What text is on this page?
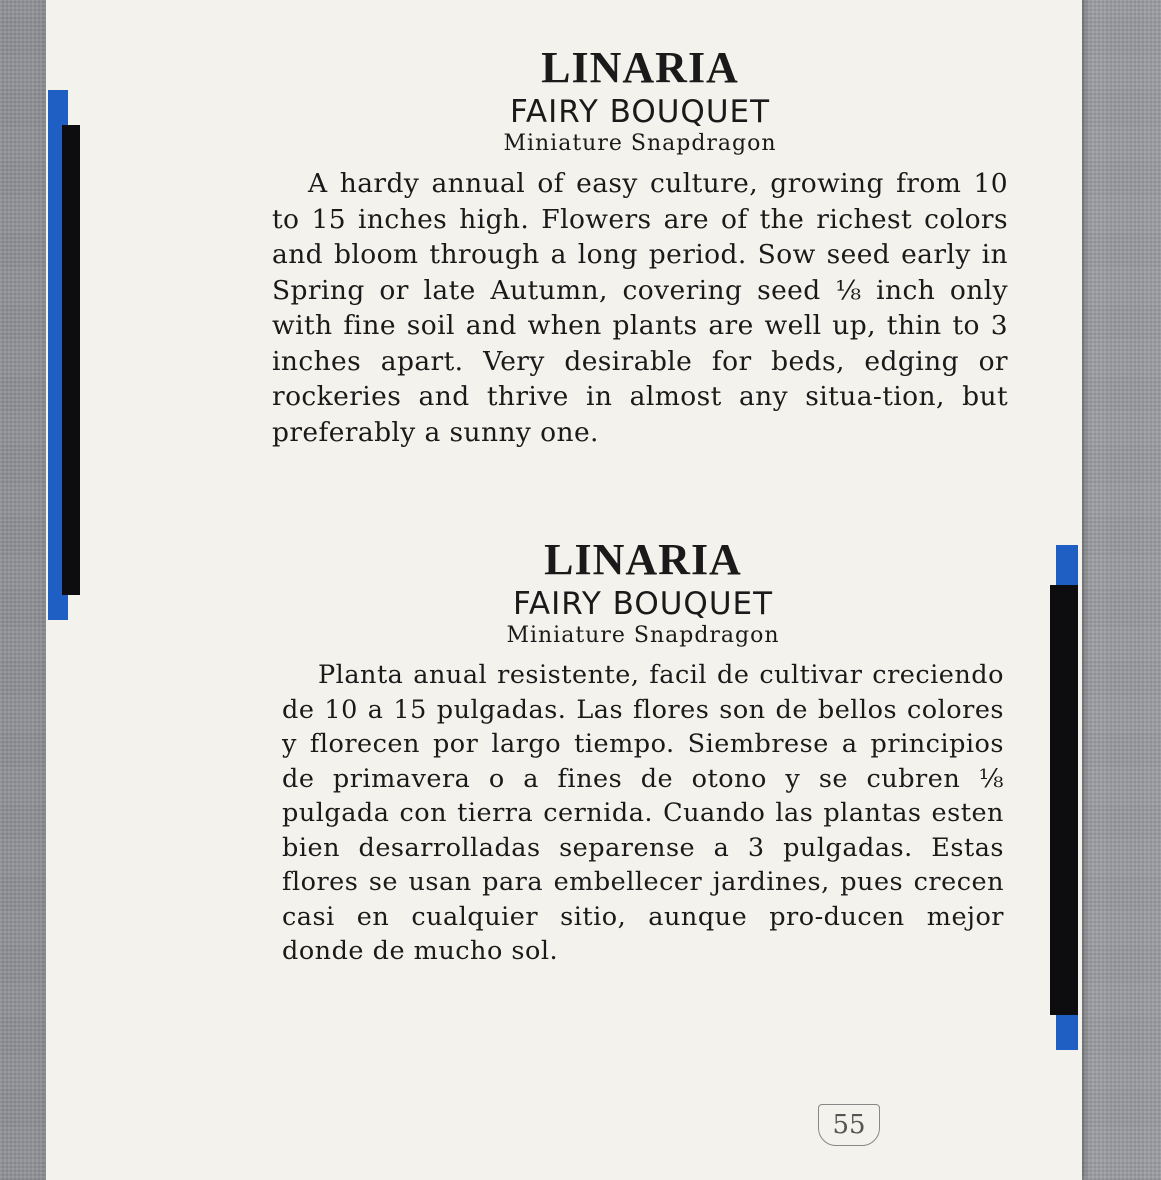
LINARIA
FAIRY BOUQUET
Miniature Snapdragon

A hardy annual of easy culture, growing from 10 to 15 inches high. Flowers are of the richest colors and bloom through a long period. Sow seed early in Spring or late Autumn, covering seed ⅛ inch only with fine soil and when plants are well up, thin to 3 inches apart. Very desirable for beds, edging or rockeries and thrive in almost any situa-tion, but preferably a sunny one.

LINARIA
FAIRY BOUQUET
Miniature Snapdragon

Planta anual resistente, facil de cultivar creciendo de 10 a 15 pulgadas. Las flores son de bellos colores y florecen por largo tiempo. Siembrese a principios de primavera o a fines de otono y se cubren ⅛ pulgada con tierra cernida. Cuando las plantas esten bien desarrolladas separense a 3 pulgadas. Estas flores se usan para embellecer jardines, pues crecen casi en cualquier sitio, aunque pro-ducen mejor donde de mucho sol.

55
